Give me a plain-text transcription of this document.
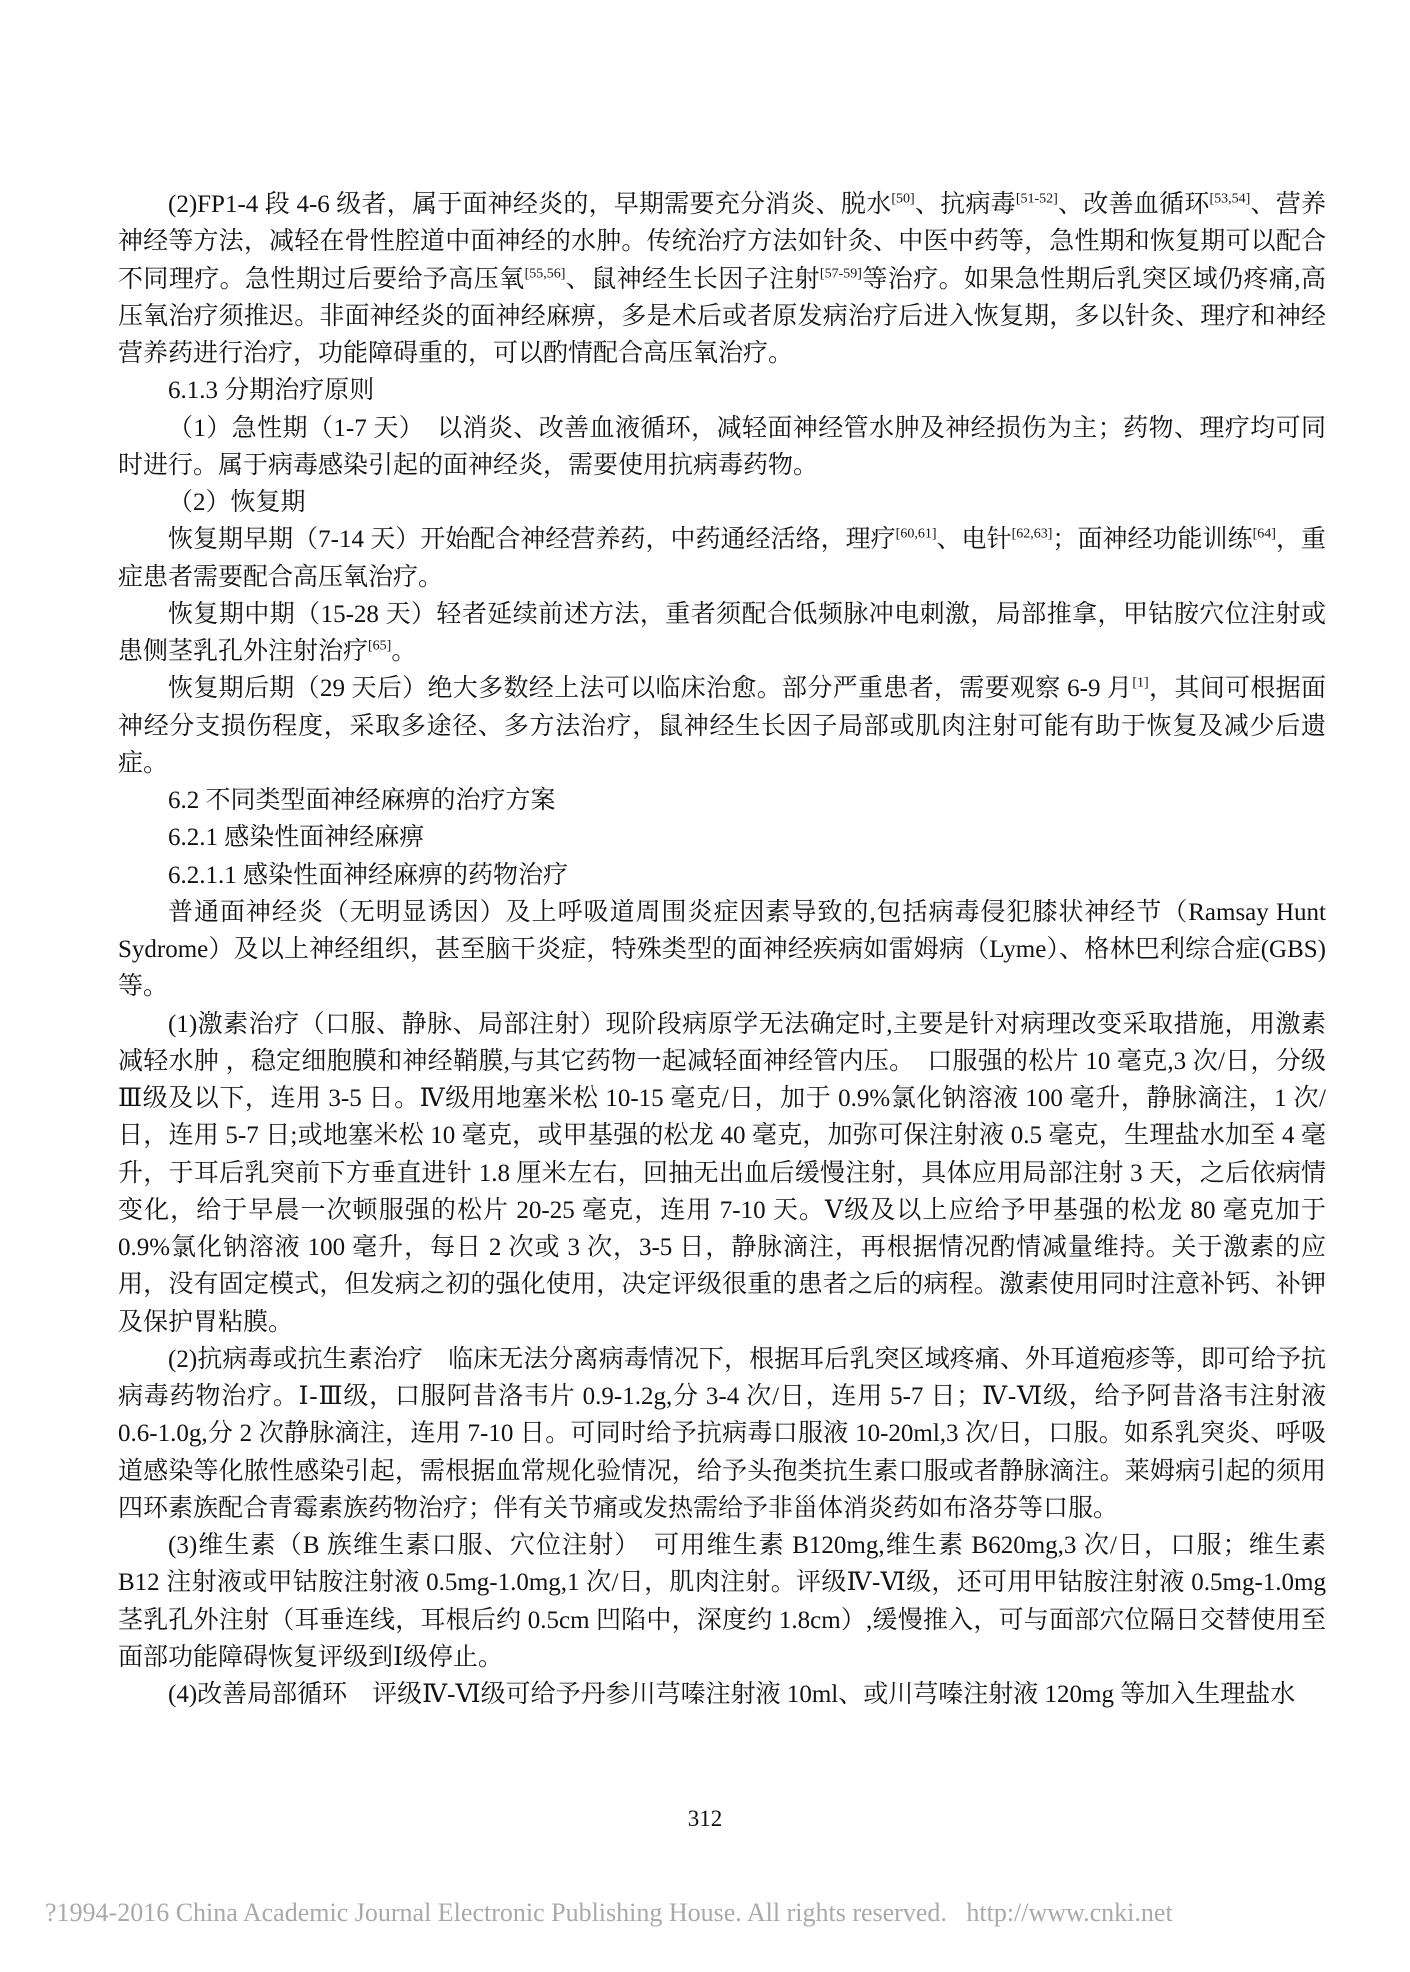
(2)FP1-4 段 4-6 级者，属于面神经炎的，早期需要充分消炎、脱水[50]、抗病毒[51-52]、改善血循环[53,54]、营养神经等方法，减轻在骨性腔道中面神经的水肿。传统治疗方法如针灸、中医中药等，急性期和恢复期可以配合不同理疗。急性期过后要给予高压氧[55,56]、鼠神经生长因子注射[57-59]等治疗。如果急性期后乳突区域仍疼痛,高压氧治疗须推迟。非面神经炎的面神经麻痹，多是术后或者原发病治疗后进入恢复期，多以针灸、理疗和神经营养药进行治疗，功能障碍重的，可以酌情配合高压氧治疗。

6.1.3 分期治疗原则

（1）急性期（1-7 天）　以消炎、改善血液循环，减轻面神经管水肿及神经损伤为主；药物、理疗均可同时进行。属于病毒感染引起的面神经炎，需要使用抗病毒药物。

（2）恢复期

恢复期早期（7-14 天）开始配合神经营养药，中药通经活络，理疗[60,61]、电针[62,63]；面神经功能训练[64]，重症患者需要配合高压氧治疗。

恢复期中期（15-28 天）轻者延续前述方法，重者须配合低频脉冲电刺激，局部推拿，甲钴胺穴位注射或患侧茎乳孔外注射治疗[65]。

恢复期后期（29 天后）绝大多数经上法可以临床治愈。部分严重患者，需要观察 6-9 月[1]，其间可根据面神经分支损伤程度，采取多途径、多方法治疗，鼠神经生长因子局部或肌肉注射可能有助于恢复及减少后遗症。

6.2 不同类型面神经麻痹的治疗方案

6.2.1 感染性面神经麻痹

6.2.1.1 感染性面神经麻痹的药物治疗

普通面神经炎（无明显诱因）及上呼吸道周围炎症因素导致的,包括病毒侵犯膝状神经节（Ramsay Hunt Sydrome）及以上神经组织，甚至脑干炎症，特殊类型的面神经疾病如雷姆病（Lyme）、格林巴利综合症(GBS)等。

(1)激素治疗（口服、静脉、局部注射）现阶段病原学无法确定时,主要是针对病理改变采取措施，用激素减轻水肿 ，稳定细胞膜和神经鞘膜,与其它药物一起减轻面神经管内压。　口服强的松片 10 毫克,3 次/日，分级Ⅲ级及以下，连用 3-5 日。Ⅳ级用地塞米松 10-15 毫克/日，加于 0.9%氯化钠溶液 100 毫升，静脉滴注，1 次/日，连用 5-7 日;或地塞米松 10 毫克，或甲基强的松龙 40 毫克，加弥可保注射液 0.5 毫克，生理盐水加至 4 毫升，于耳后乳突前下方垂直进针 1.8 厘米左右，回抽无出血后缓慢注射，具体应用局部注射 3 天，之后依病情变化，给于早晨一次顿服强的松片 20-25 毫克，连用 7-10 天。Ⅴ级及以上应给予甲基强的松龙 80 毫克加于 0.9%氯化钠溶液 100 毫升，每日 2 次或 3 次，3-5 日，静脉滴注，再根据情况酌情减量维持。关于激素的应用，没有固定模式，但发病之初的强化使用，决定评级很重的患者之后的病程。激素使用同时注意补钙、补钾及保护胃粘膜。

(2)抗病毒或抗生素治疗　临床无法分离病毒情况下，根据耳后乳突区域疼痛、外耳道疱疹等，即可给予抗病毒药物治疗。Ⅰ-Ⅲ级，口服阿昔洛韦片 0.9-1.2g,分 3-4 次/日，连用 5-7 日；Ⅳ-Ⅵ级，给予阿昔洛韦注射液 0.6-1.0g,分 2 次静脉滴注，连用 7-10 日。可同时给予抗病毒口服液 10-20ml,3 次/日，口服。如系乳突炎、呼吸道感染等化脓性感染引起，需根据血常规化验情况，给予头孢类抗生素口服或者静脉滴注。莱姆病引起的须用四环素族配合青霉素族药物治疗；伴有关节痛或发热需给予非甾体消炎药如布洛芬等口服。

(3)维生素（B 族维生素口服、穴位注射）　可用维生素 B120mg,维生素 B620mg,3 次/日，口服；维生素 B12 注射液或甲钴胺注射液 0.5mg-1.0mg,1 次/日，肌肉注射。评级Ⅳ-Ⅵ级，还可用甲钴胺注射液 0.5mg-1.0mg 茎乳孔外注射（耳垂连线，耳根后约 0.5cm 凹陷中，深度约 1.8cm）,缓慢推入，可与面部穴位隔日交替使用至面部功能障碍恢复评级到Ⅰ级停止。

(4)改善局部循环　评级Ⅳ-Ⅵ级可给予丹参川芎嗪注射液 10ml、或川芎嗪注射液 120mg 等加入生理盐水

312
?1994-2016 China Academic Journal Electronic Publishing House. All rights reserved.   http://www.cnki.net
